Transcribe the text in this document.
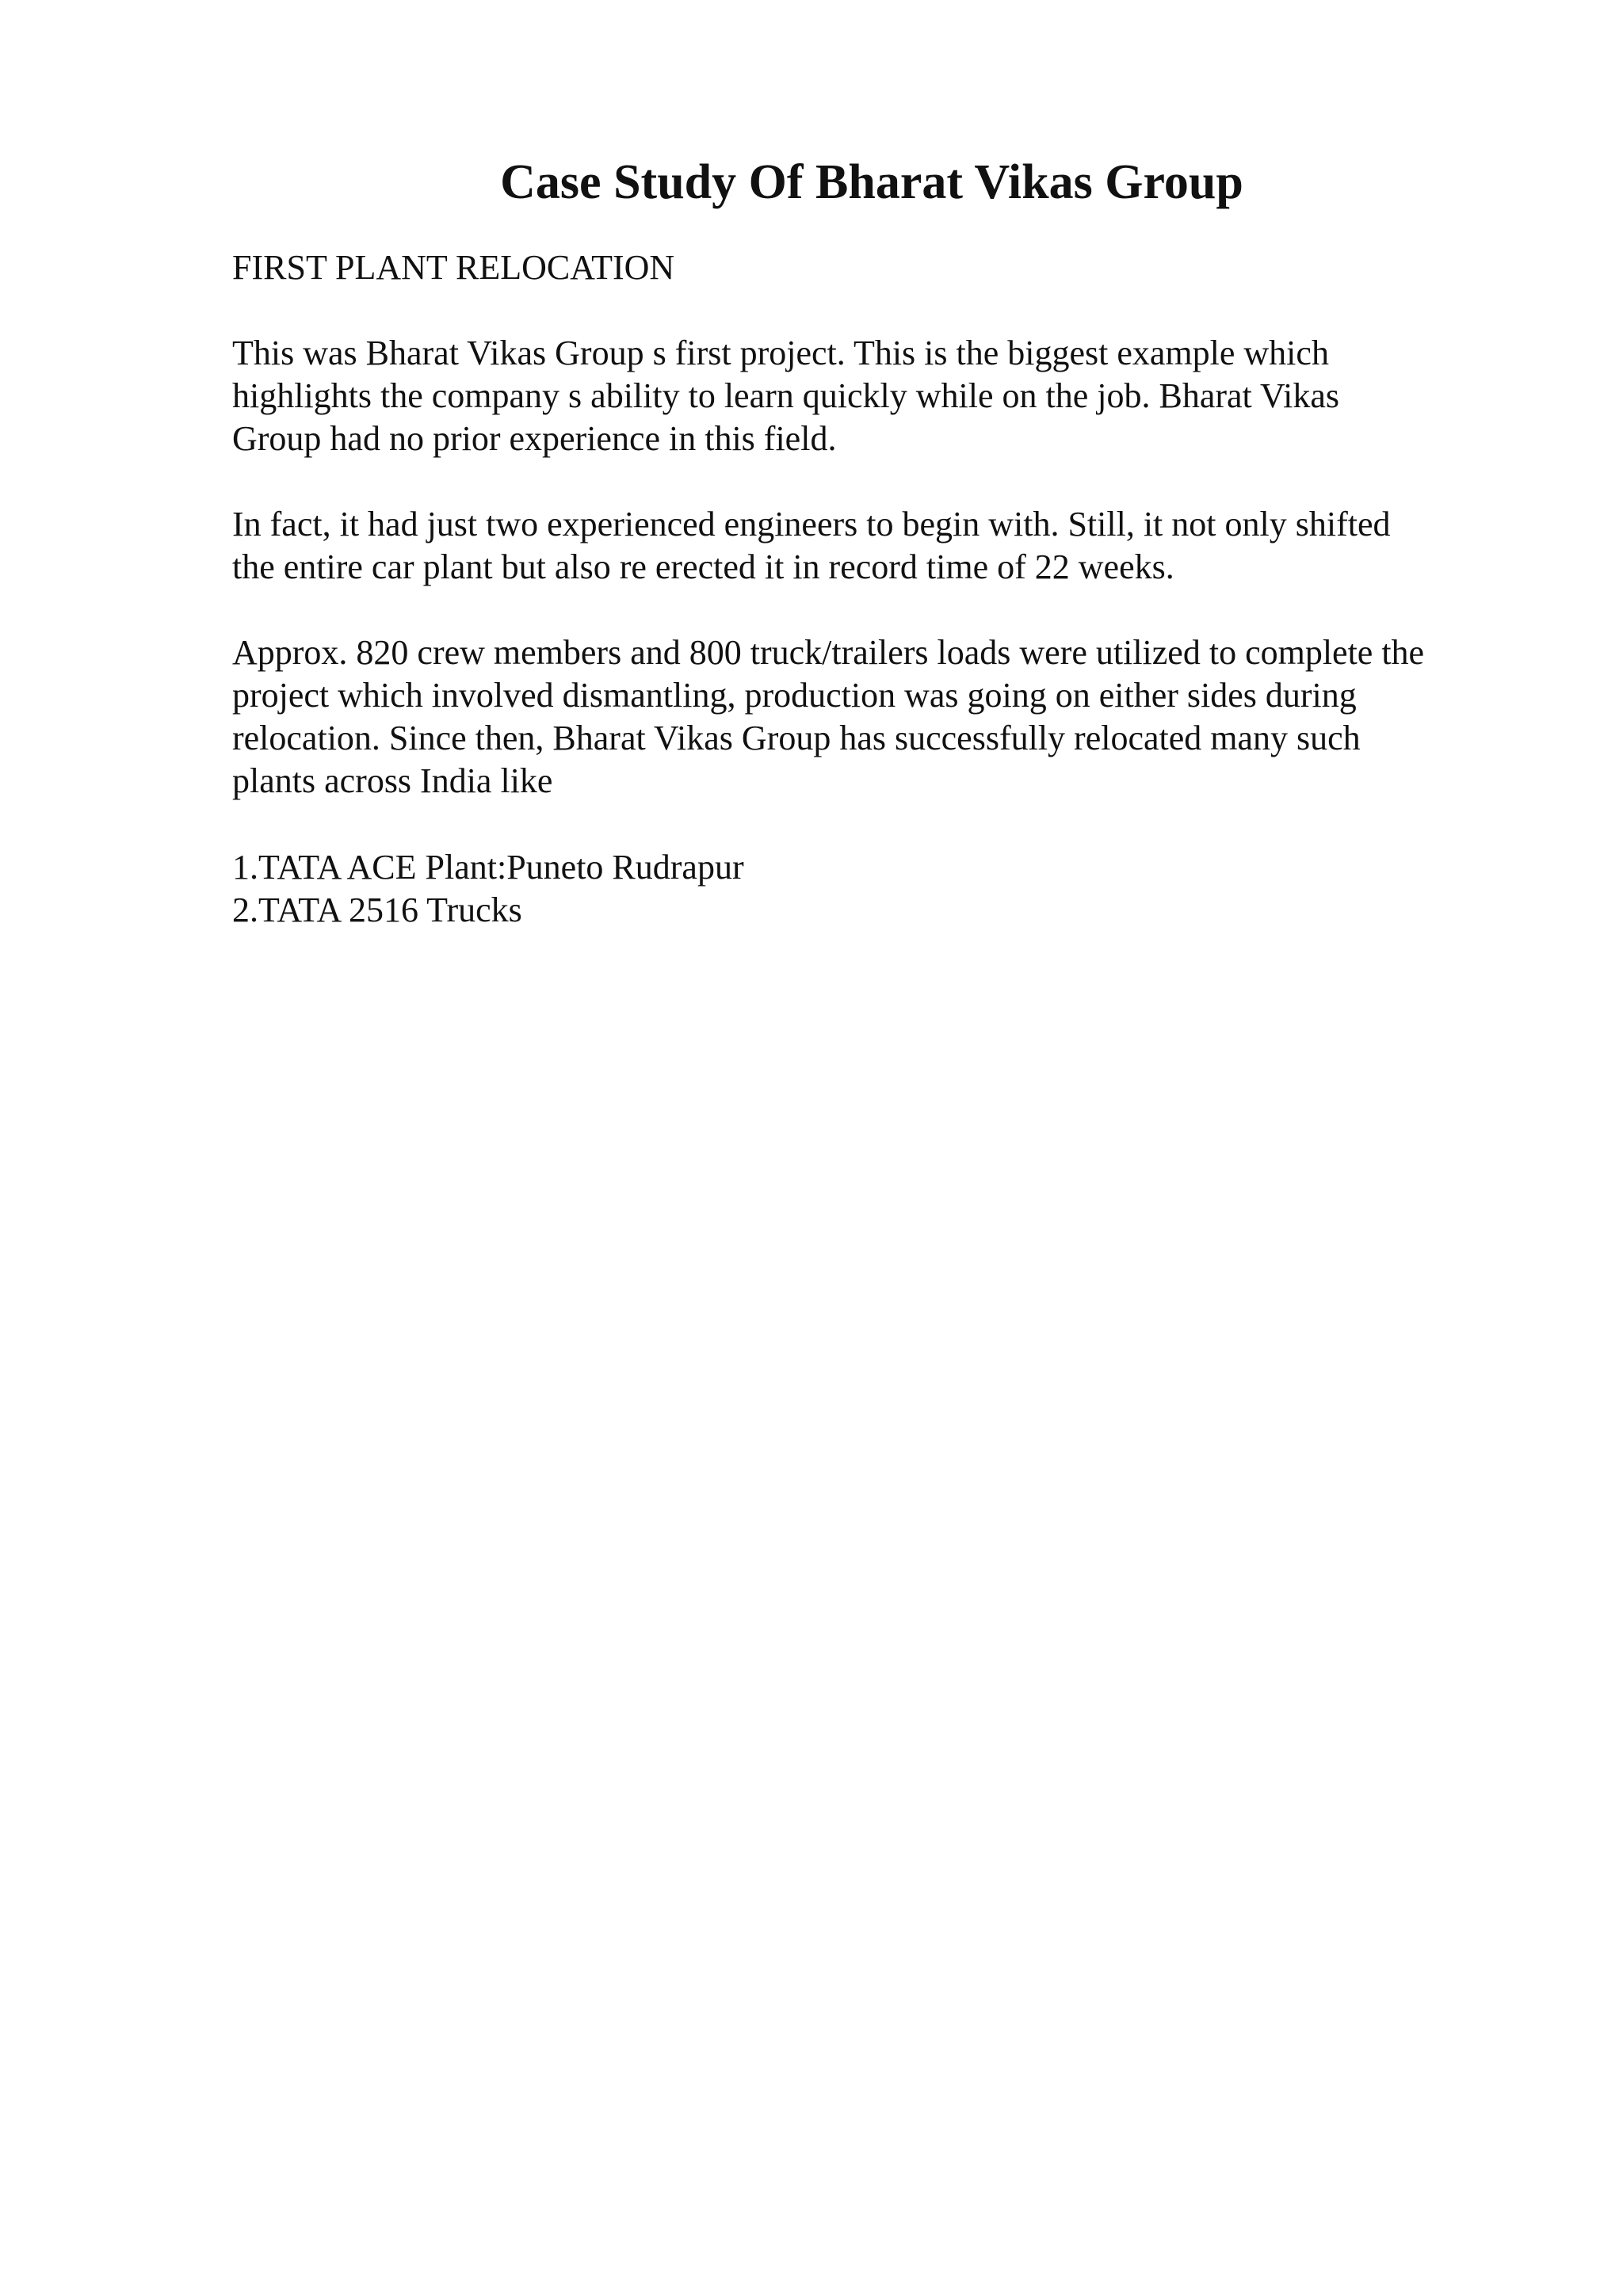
Case Study Of Bharat Vikas Group

FIRST PLANT RELOCATION

This was Bharat Vikas Group s first project. This is the biggest example which
highlights the company s ability to learn quickly while on the job. Bharat Vikas
Group had no prior experience in this field.

In fact, it had just two experienced engineers to begin with. Still, it not only shifted
the entire car plant but also re erected it in record time of 22 weeks.

Approx. 820 crew members and 800 truck/trailers loads were utilized to complete the
project which involved dismantling, production was going on either sides during
relocation. Since then, Bharat Vikas Group has successfully relocated many such
plants across India like

1.TATA ACE Plant:Puneto Rudrapur
2.TATA 2516 Trucks
